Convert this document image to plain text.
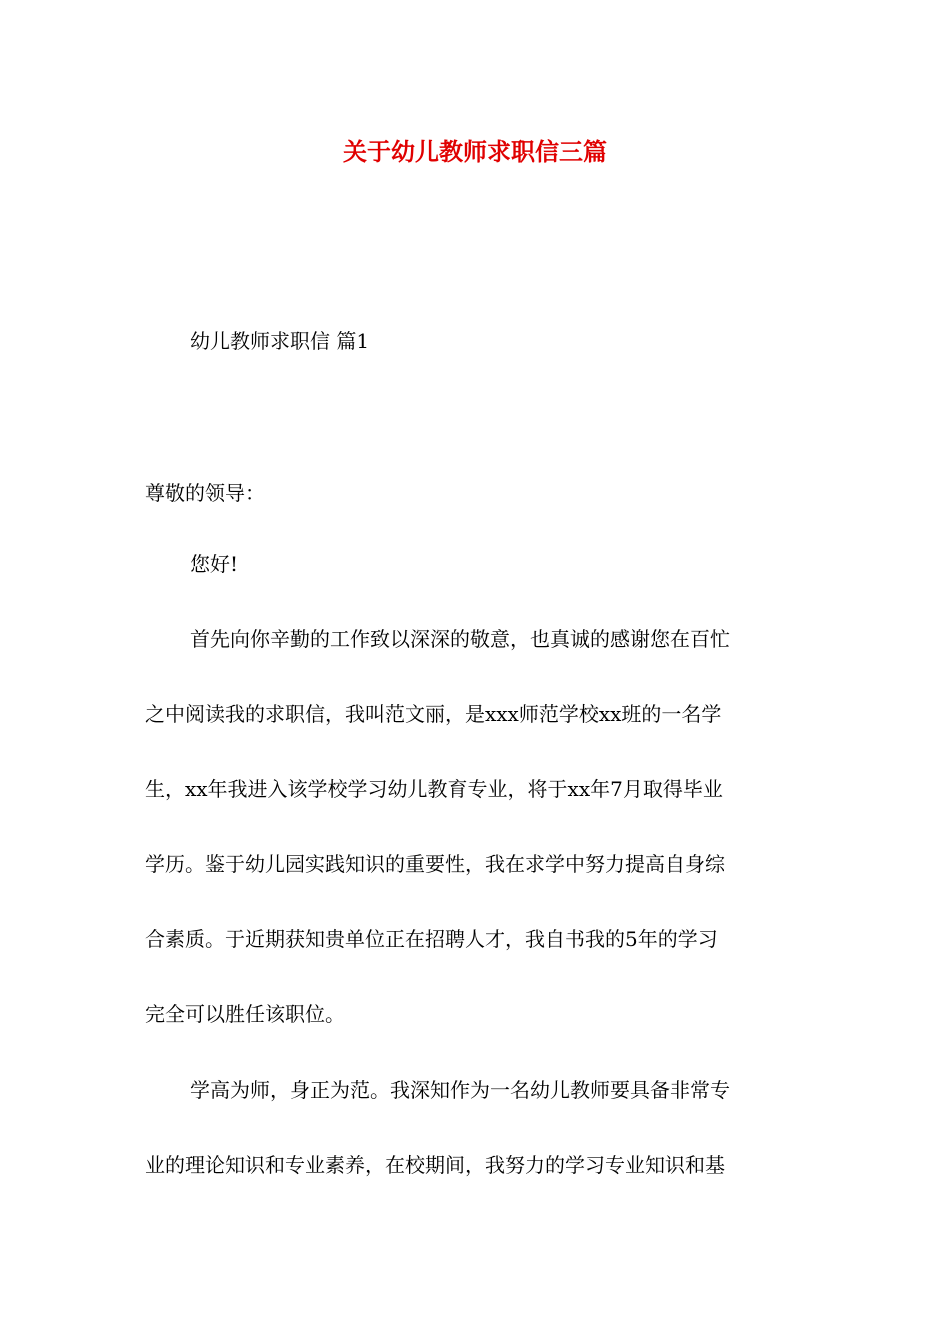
关于幼儿教师求职信三篇
幼儿教师求职信 篇1
尊敬的领导：

您好!

首先向你辛勤的工作致以深深的敬意，也真诚的感谢您在百忙
之中阅读我的求职信，我叫范文丽，是xxx师范学校xx班的一名学
生，xx年我进入该学校学习幼儿教育专业，将于xx年7月取得毕业
学历。鉴于幼儿园实践知识的重要性，我在求学中努力提高自身综
合素质。于近期获知贵单位正在招聘人才，我自书我的5年的学习
完全可以胜任该职位。
学高为师，身正为范。我深知作为一名幼儿教师要具备非常专
业的理论知识和专业素养，在校期间，我努力的学习专业知识和基
